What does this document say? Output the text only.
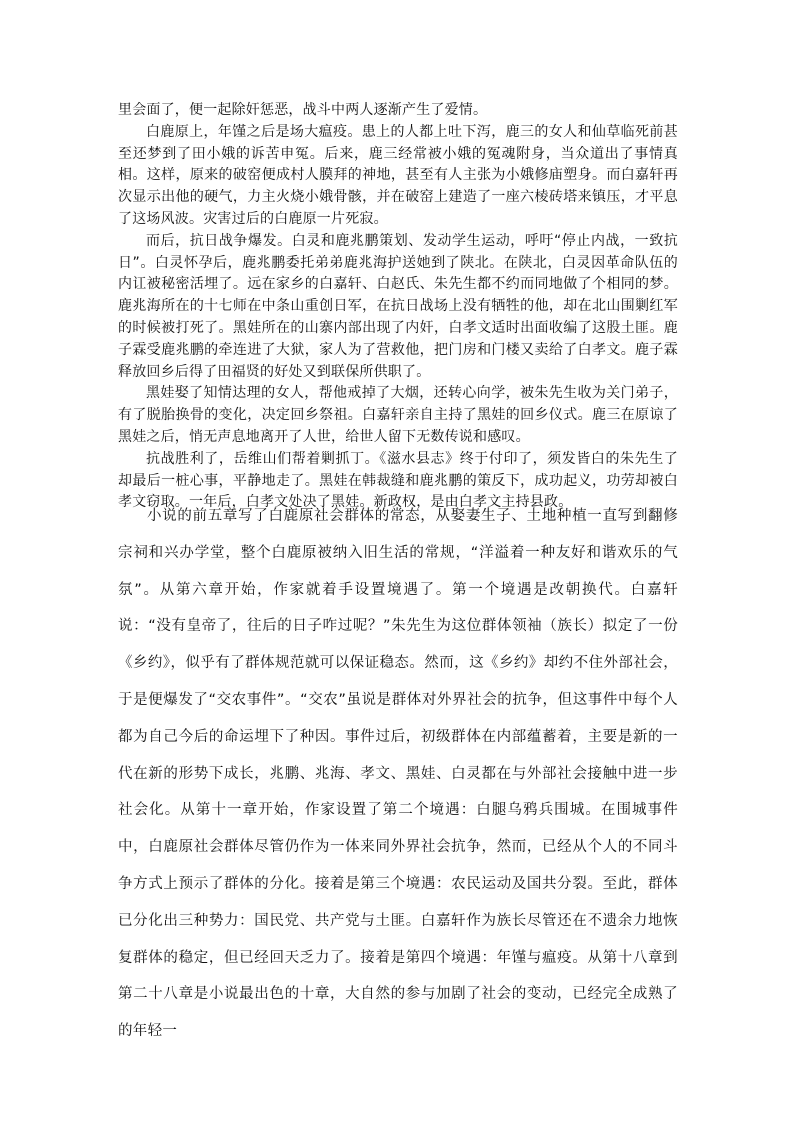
里会面了，便一起除奸惩恶，战斗中两人逐渐产生了爱情。

白鹿原上，年馑之后是场大瘟疫。患上的人都上吐下泻，鹿三的女人和仙草临死前甚至还梦到了田小娥的诉苦申冤。后来，鹿三经常被小娥的冤魂附身，当众道出了事情真相。这样，原来的破窑便成村人膜拜的神地，甚至有人主张为小娥修庙塑身。而白嘉轩再次显示出他的硬气，力主火烧小娥骨骸，并在破窑上建造了一座六棱砖塔来镇压，才平息了这场风波。灾害过后的白鹿原一片死寂。

而后，抗日战争爆发。白灵和鹿兆鹏策划、发动学生运动，呼吁“停止内战，一致抗日”。白灵怀孕后，鹿兆鹏委托弟弟鹿兆海护送她到了陕北。在陕北，白灵因革命队伍的内讧被秘密活埋了。远在家乡的白嘉轩、白赵氏、朱先生都不约而同地做了个相同的梦。鹿兆海所在的十七师在中条山重创日军，在抗日战场上没有牺牲的他，却在北山围剿红军的时候被打死了。黑娃所在的山寨内部出现了内奸，白孝文适时出面收编了这股土匪。鹿子霖受鹿兆鹏的牵连进了大狱，家人为了营救他，把门房和门楼又卖给了白孝文。鹿子霖释放回乡后得了田福贤的好处又到联保所供职了。

黑娃娶了知情达理的女人，帮他戒掉了大烟，还转心向学，被朱先生收为关门弟子，有了脱胎换骨的变化，决定回乡祭祖。白嘉轩亲自主持了黑娃的回乡仪式。鹿三在原谅了黑娃之后，悄无声息地离开了人世，给世人留下无数传说和感叹。

抗战胜利了，岳维山们帮着剿抓丁。《滋水县志》终于付印了，须发皆白的朱先生了却最后一桩心事，平静地走了。黑娃在韩裁缝和鹿兆鹏的策反下，成功起义，功劳却被白孝文窃取。一年后，白孝文处决了黑娃。新政权，是由白孝文主持县政。

小说的前五章写了白鹿原社会群体的常态，从娶妻生子、土地种植一直写到翻修宗祠和兴办学堂，整个白鹿原被纳入旧生活的常规，“洋溢着一种友好和谐欢乐的气氛”。从第六章开始，作家就着手设置境遇了。第一个境遇是改朝换代。白嘉轩说：“没有皇帝了，往后的日子咋过呢？”朱先生为这位群体领袖（族长）拟定了一份《乡约》，似乎有了群体规范就可以保证稳态。然而，这《乡约》却约不住外部社会，于是便爆发了“交农事件”。“交农”虽说是群体对外界社会的抗争，但这事件中每个人都为自己今后的命运埋下了种因。事件过后，初级群体在内部蕴蓄着，主要是新的一代在新的形势下成长，兆鹏、兆海、孝文、黑娃、白灵都在与外部社会接触中进一步社会化。从第十一章开始，作家设置了第二个境遇：白腿乌鸦兵围城。在围城事件中，白鹿原社会群体尽管仍作为一体来同外界社会抗争，然而，已经从个人的不同斗争方式上预示了群体的分化。接着是第三个境遇：农民运动及国共分裂。至此，群体已分化出三种势力：国民党、共产党与土匪。白嘉轩作为族长尽管还在不遗余力地恢复群体的稳定，但已经回天乏力了。接着是第四个境遇：年馑与瘟疫。从第十八章到第二十八章是小说最出色的十章，大自然的参与加剧了社会的变动，已经完全成熟了的年轻一
